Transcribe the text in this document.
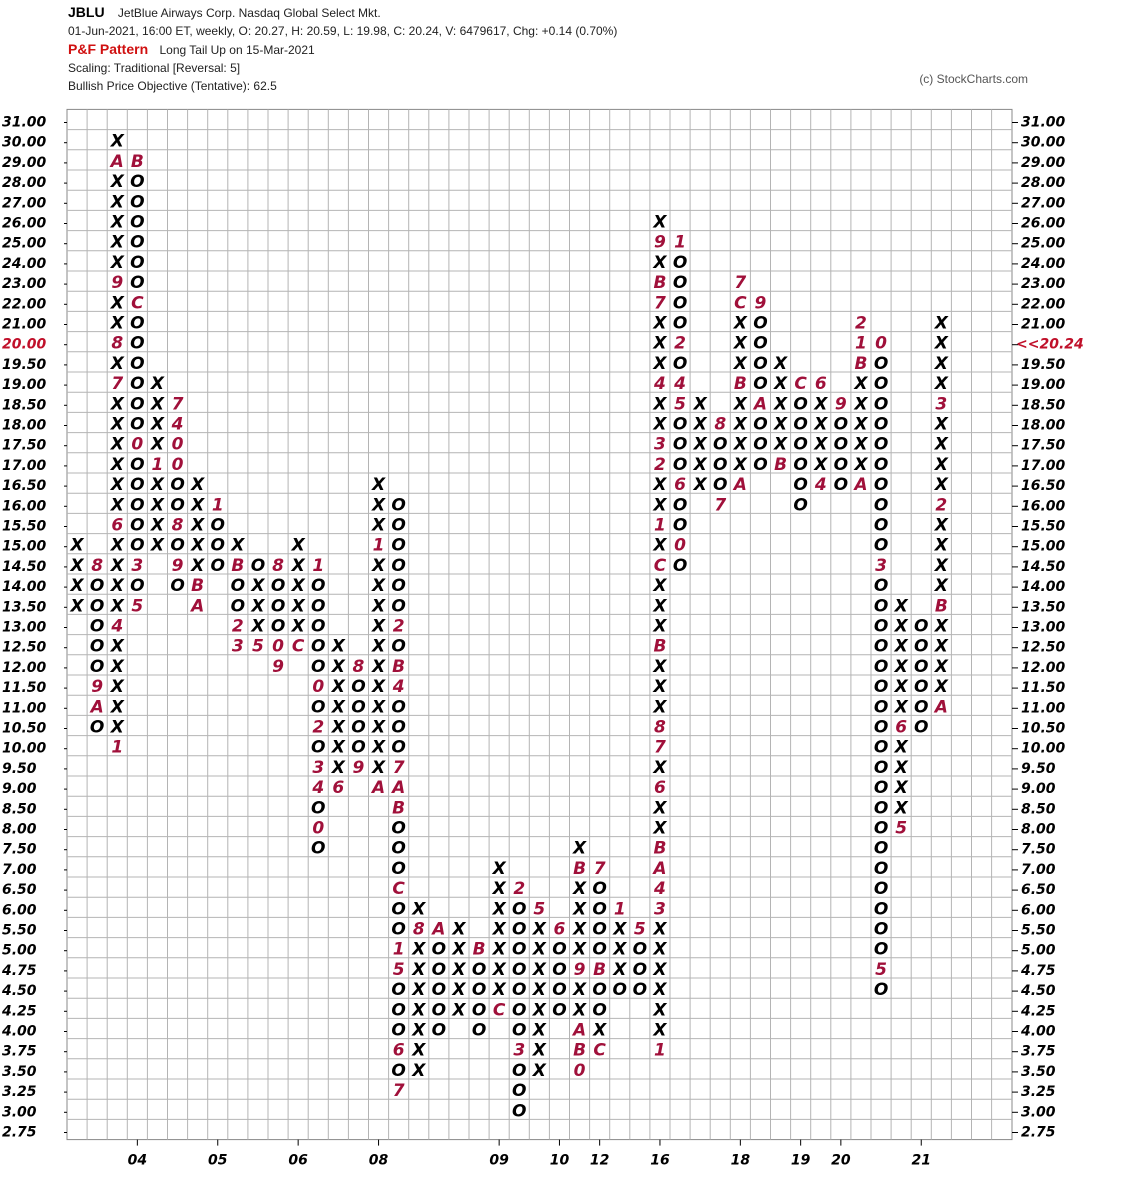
JBLU JetBlue Airways Corp. Nasdaq Global Select Mkt.
01-Jun-2021, 16:00 ET, weekly, O: 20.27, H: 20.59, L: 19.98, C: 20.24, V: 6479617, Chg: +0.14 (0.70%)
P&F Pattern Long Tail Up on 15-Mar-2021
Scaling: Traditional [Reversal: 5]
Bullish Price Objective (Tentative): 62.5	(c) StockCharts.com
31.00	31.00
30.00	30.00
29.00	29.00
28.00	28.00
27.00	27.00
26.00	26.00
25.00	25.00
24.00	24.00
23.00	23.00
22.00	22.00
21.00	21.00
20.00	<<20.24
19.50	19.50
19.00	19.00
18.50	18.50
18.00	18.00
17.50	17.50
17.00	17.00
16.50	16.50
16.00	16.00
15.50	15.50
15.00	15.00
14.50	14.50
14.00	14.00
13.50	13.50
13.00	13.00
12.50	12.50
12.00	12.00
11.50	11.50
11.00	11.00
10.50	10.50
10.00	10.00
9.50	9.50
9.00	9.00
8.50	8.50
8.00	8.00
7.50	7.50
7.00	7.00
6.50	6.50
6.00	6.00
5.50	5.50
5.00	5.00
4.75	4.75
4.50	4.50
4.25	4.25
4.00	4.00
3.75	3.75
3.50	3.50
3.25	3.25
3.00	3.00
2.75	2.75
04	05	06	08	09	10 12	16	18	19 20	21
X
X
X
X
8
O
O
O
O
O
9
A
O
X
A
X
X
X
X
X
9
X
X
8
X
7
X
X
X
X
X
X
6
X
X
X
X
4
X
X
X
X
X
1
B
O
O
O
O
O
O
C
O
O
O
O
O
O
0
O
O
O
O
O
3
O
5
X
X
X
X
1
X
X
X
X
7
4
0
0
O
O
8
O
9
O
X
X
X
X
X
B
A
1
O
O
O
X
B
O
O
2
3
O
X
X
X
5
8
O
O
O
0
9
X
X
X
X
X
C
1
O
O
O
O
O
0
O
2
O
3
4
O
0
O
X
X
X
X
X
X
X
6
8
O
O
O
O
9
X
X
X
1
X
X
X
X
X
X
X
X
X
X
X
A
O
O
O
O
O
O
2
O
B
4
O
O
O
7
A
B
O
O
O
C
O
O
1
5
O
O
O
6
O
7
X
8
X
X
X
X
X
X
X
A
O
O
O
O
O
X
X
X
X
X
B
O
O
O
O
X
X
X
X
X
X
X
C
2
O
O
O
O
O
O
O
3
O
O
O
5
X
X
X
X
X
X
X
X
6
O
O
O
O
X
B
X
X
X
X
9
X
X
A
B
0
7
O
O
O
O
B
O
O
X
C
1
X
X
X
O
5
O
O
O
X
9
X
B
7
X
X
X
4
X
X
3
2
X
X
1
X
C
X
X
X
B
X
X
X
8
7
X
6
X
X
B
A
4
3
X
X
X
X
X
X
1
1
O
O
O
O
2
O
4
5
O
O
O
6
O
O
0
O
X
X
X
X
X
8
O
O
O
7
7
C
X
X
X
B
X
X
X
X
A
9
O
O
O
O
A
O
O
O
X
X
X
X
X
B
C
O
O
O
O
O
O
6
X
X
X
X
4
9
O
O
O
O
2
1
B
X
X
X
X
X
A
0
O
O
O
O
O
O
O
O
O
O
3
O
O
O
O
O
O
O
O
O
O
O
O
O
O
O
O
O
O
O
5
O
X
X
X
X
X
X
6
X
X
X
X
5
O
O
O
O
O
O
X
X
X
X
3
X
X
X
X
2
X
X
X
X
B
X
X
X
X
A
